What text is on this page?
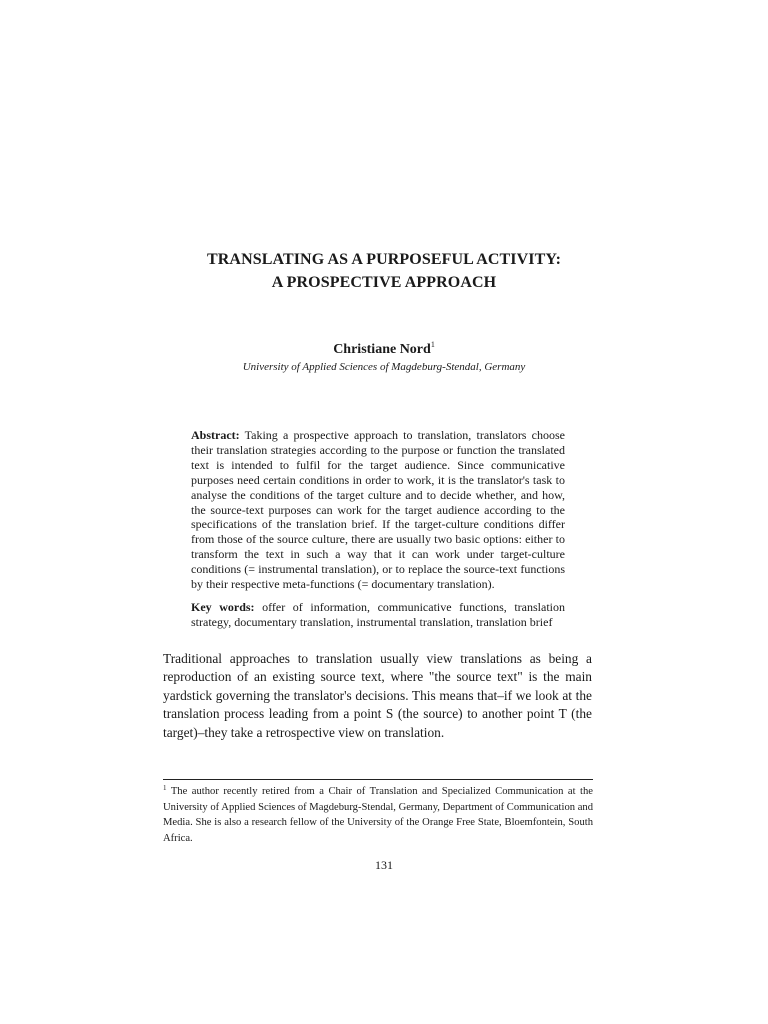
TRANSLATING AS A PURPOSEFUL ACTIVITY:
A PROSPECTIVE APPROACH
Christiane Nord$^1$
University of Applied Sciences of Magdeburg-Stendal, Germany
Abstract: Taking a prospective approach to translation, translators choose their translation strategies according to the purpose or function the translated text is intended to fulfil for the target audience. Since communicative purposes need certain conditions in order to work, it is the translator's task to analyse the conditions of the target culture and to decide whether, and how, the source-text purposes can work for the target audience according to the specifications of the translation brief. If the target-culture conditions differ from those of the source culture, there are usually two basic options: either to transform the text in such a way that it can work under target-culture conditions (= instrumental translation), or to replace the source-text functions by their respective meta-functions (= documentary translation).
Key words: offer of information, communicative functions, translation strategy, documentary translation, instrumental translation, translation brief
Traditional approaches to translation usually view translations as being a reproduction of an existing source text, where "the source text" is the main yardstick governing the translator's decisions. This means that–if we look at the translation process leading from a point S (the source) to another point T (the target)–they take a retrospective view on translation.
$^1$ The author recently retired from a Chair of Translation and Specialized Communication at the University of Applied Sciences of Magdeburg-Stendal, Germany, Department of Communication and Media. She is also a research fellow of the University of the Orange Free State, Bloemfontein, South Africa.
131
